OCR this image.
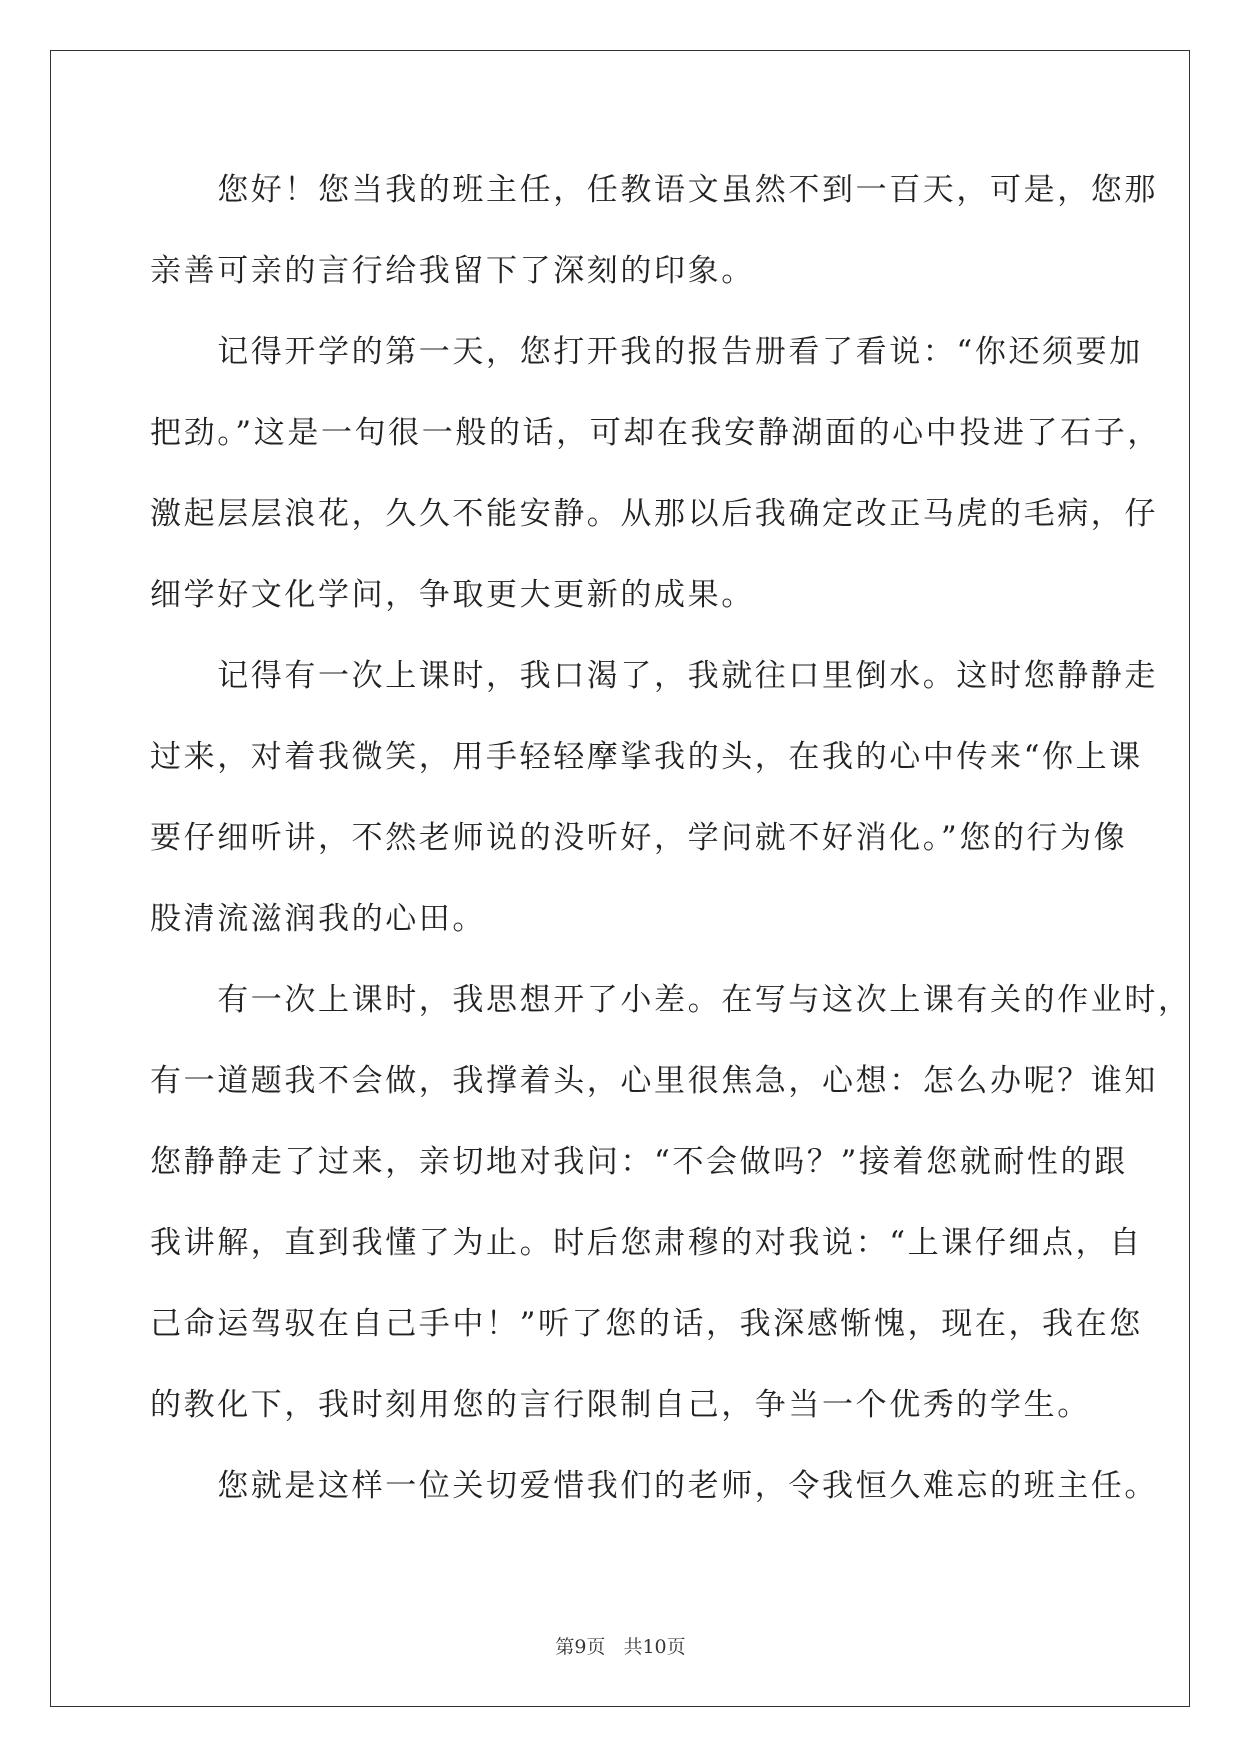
　　您好！您当我的班主任，任教语文虽然不到一百天，可是，您那
亲善可亲的言行给我留下了深刻的印象。
　　记得开学的第一天，您打开我的报告册看了看说：“你还须要加
把劲。”这是一句很一般的话，可却在我安静湖面的心中投进了石子，
激起层层浪花，久久不能安静。从那以后我确定改正马虎的毛病，仔
细学好文化学问，争取更大更新的成果。
　　记得有一次上课时，我口渴了，我就往口里倒水。这时您静静走
过来，对着我微笑，用手轻轻摩挲我的头，在我的心中传来“你上课
要仔细听讲，不然老师说的没听好，学问就不好消化。”您的行为像
股清流滋润我的心田。
　　有一次上课时，我思想开了小差。在写与这次上课有关的作业时，
有一道题我不会做，我撑着头，心里很焦急，心想：怎么办呢？谁知
您静静走了过来，亲切地对我问：“不会做吗？”接着您就耐性的跟
我讲解，直到我懂了为止。时后您肃穆的对我说：“上课仔细点，自
己命运驾驭在自己手中！”听了您的话，我深感惭愧，现在，我在您
的教化下，我时刻用您的言行限制自己，争当一个优秀的学生。
　　您就是这样一位关切爱惜我们的老师，令我恒久难忘的班主任。
第9页 共10页
